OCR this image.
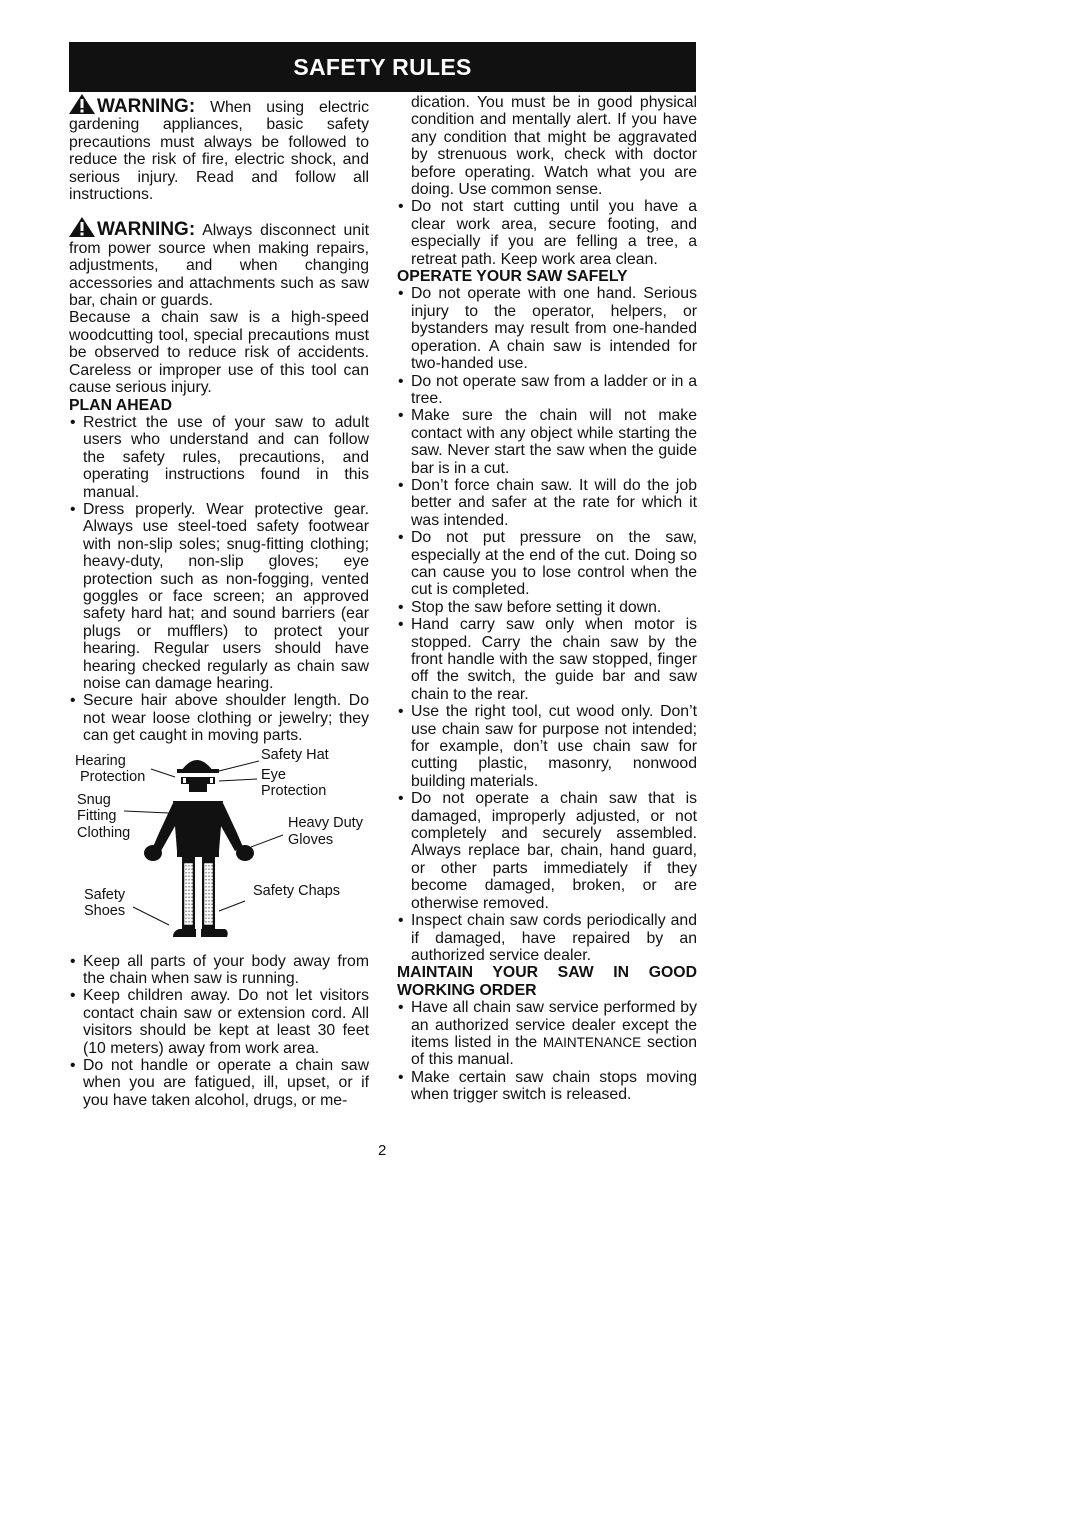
SAFETY RULES

WARNING: When using electric gardening appliances, basic safety precautions must always be followed to reduce the risk of fire, electric shock, and serious injury. Read and follow all instructions.

WARNING: Always disconnect unit from power source when making repairs, adjustments, and when changing accessories and attachments such as saw bar, chain or guards.

Because a chain saw is a high-speed woodcutting tool, special precautions must be observed to reduce risk of accidents. Careless or improper use of this tool can cause serious injury.

PLAN AHEAD

• Restrict the use of your saw to adult users who understand and can follow the safety rules, precautions, and operating instructions found in this manual.
• Dress properly. Wear protective gear. Always use steel-toed safety footwear with non-slip soles; snug-fitting clothing; heavy-duty, non-slip gloves; eye protection such as non-fogging, vented goggles or face screen; an approved safety hard hat; and sound barriers (ear plugs or mufflers) to protect your hearing. Regular users should have hearing checked regularly as chain saw noise can damage hearing.
• Secure hair above shoulder length. Do not wear loose clothing or jewelry; they can get caught in moving parts.
Hearing
Protection
Safety Hat
Eye
Protection
Snug
Fitting
Clothing
Heavy Duty
Gloves
Safety
Shoes
Safety Chaps
• Keep all parts of your body away from the chain when saw is running.
• Keep children away. Do not let visitors contact chain saw or extension cord. All visitors should be kept at least 30 feet (10 meters) away from work area.
• Do not handle or operate a chain saw when you are fatigued, ill, upset, or if you have taken alcohol, drugs, or me-

dication. You must be in good physical condition and mentally alert. If you have any condition that might be aggravated by strenuous work, check with doctor before operating. Watch what you are doing. Use common sense.

• Do not start cutting until you have a clear work area, secure footing, and especially if you are felling a tree, a retreat path. Keep work area clean.

OPERATE YOUR SAW SAFELY

• Do not operate with one hand. Serious injury to the operator, helpers, or bystanders may result from one-handed operation. A chain saw is intended for two-handed use.
• Do not operate saw from a ladder or in a tree.
• Make sure the chain will not make contact with any object while starting the saw. Never start the saw when the guide bar is in a cut.
• Don’t force chain saw. It will do the job better and safer at the rate for which it was intended.
• Do not put pressure on the saw, especially at the end of the cut. Doing so can cause you to lose control when the cut is completed.
• Stop the saw before setting it down.
• Hand carry saw only when motor is stopped. Carry the chain saw by the front handle with the saw stopped, finger off the switch, the guide bar and saw chain to the rear.
• Use the right tool, cut wood only. Don’t use chain saw for purpose not intended; for example, don’t use chain saw for cutting plastic, masonry, nonwood building materials.
• Do not operate a chain saw that is damaged, improperly adjusted, or not completely and securely assembled. Always replace bar, chain, hand guard, or other parts immediately if they become damaged, broken, or are otherwise removed.
• Inspect chain saw cords periodically and if damaged, have repaired by an authorized service dealer.

MAINTAIN YOUR SAW IN GOOD WORKING ORDER

• Have all chain saw service performed by an authorized service dealer except the items listed in the MAINTENANCE section of this manual.
• Make certain saw chain stops moving when trigger switch is released.
2
